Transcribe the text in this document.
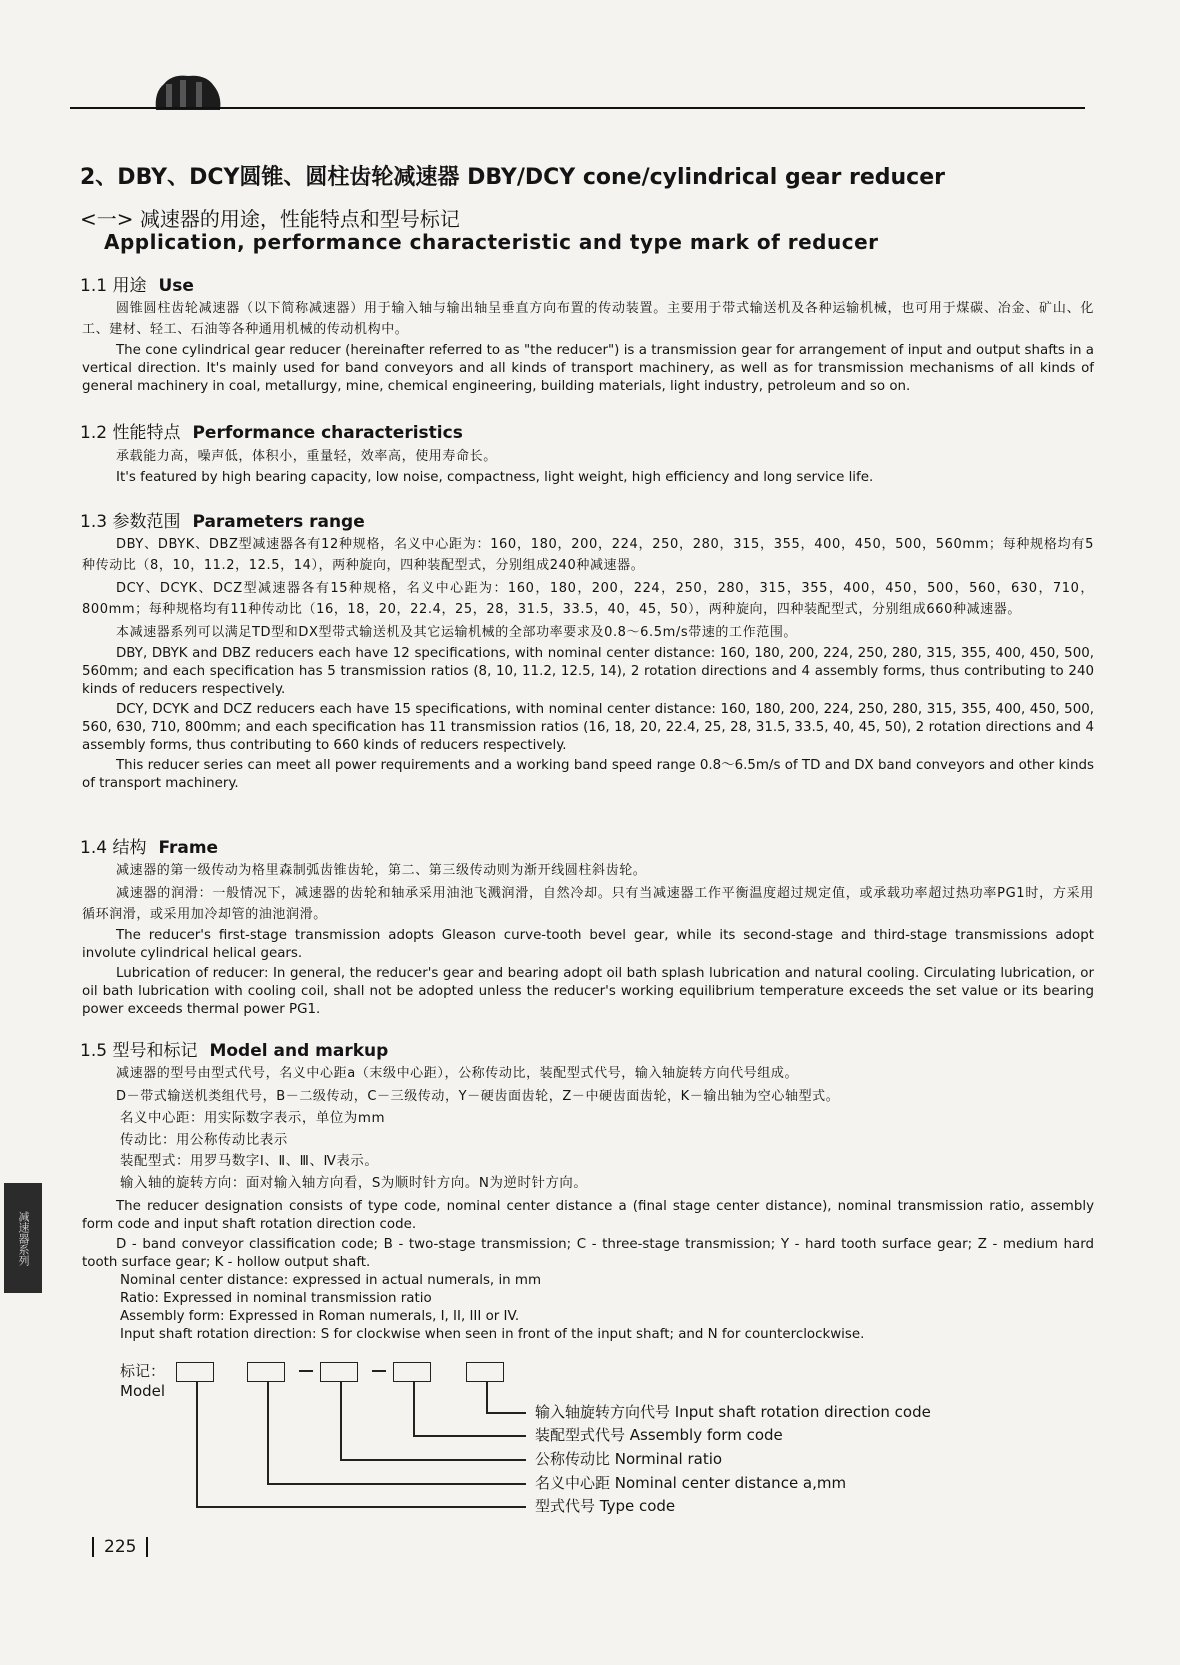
减速器系列
2、DBY、DCY圆锥、圆柱齿轮减速器 DBY/DCY cone/cylindrical gear reducer
<一> 减速器的用途，性能特点和型号标记
Application, performance characteristic and type mark of reducer
1.1 用途 Use

圆锥圆柱齿轮减速器（以下简称减速器）用于输入轴与输出轴呈垂直方向布置的传动装置。主要用于带式输送机及各种运输机械，也可用于煤碳、冶金、矿山、化工、建材、轻工、石油等各种通用机械的传动机构中。

The cone cylindrical gear reducer (hereinafter referred to as "the reducer") is a transmission gear for arrangement of input and output shafts in a vertical direction. It's mainly used for band conveyors and all kinds of transport machinery, as well as for transmission mechanisms of all kinds of general machinery in coal, metallurgy, mine, chemical engineering, building materials, light industry, petroleum and so on.

1.2 性能特点 Performance characteristics

承载能力高，噪声低，体积小，重量轻，效率高，使用寿命长。

It's featured by high bearing capacity, low noise, compactness, light weight, high efficiency and long service life.

1.3 参数范围 Parameters range

DBY、DBYK、DBZ型减速器各有12种规格，名义中心距为：160，180，200，224，250，280，315，355，400，450，500，560mm；每种规格均有5种传动比（8，10，11.2，12.5，14），两种旋向，四种装配型式，分别组成240种减速器。

DCY、DCYK、DCZ型减速器各有15种规格，名义中心距为：160，180，200，224，250，280，315，355，400，450，500，560，630，710，800mm；每种规格均有11种传动比（16，18，20，22.4，25，28，31.5，33.5，40，45，50），两种旋向，四种装配型式，分别组成660种减速器。

本减速器系列可以满足TD型和DX型带式输送机及其它运输机械的全部功率要求及0.8～6.5m/s带速的工作范围。

DBY, DBYK and DBZ reducers each have 12 specifications, with nominal center distance: 160, 180, 200, 224, 250, 280, 315, 355, 400, 450, 500, 560mm; and each specification has 5 transmission ratios (8, 10, 11.2, 12.5, 14), 2 rotation directions and 4 assembly forms, thus contributing to 240 kinds of reducers respectively.

DCY, DCYK and DCZ reducers each have 15 specifications, with nominal center distance: 160, 180, 200, 224, 250, 280, 315, 355, 400, 450, 500, 560, 630, 710, 800mm; and each specification has 11 transmission ratios (16, 18, 20, 22.4, 25, 28, 31.5, 33.5, 40, 45, 50), 2 rotation directions and 4 assembly forms, thus contributing to 660 kinds of reducers respectively.

This reducer series can meet all power requirements and a working band speed range 0.8～6.5m/s of TD and DX band conveyors and other kinds of transport machinery.

1.4 结构 Frame

减速器的第一级传动为格里森制弧齿锥齿轮，第二、第三级传动则为渐开线圆柱斜齿轮。

减速器的润滑：一般情况下，减速器的齿轮和轴承采用油池飞溅润滑，自然冷却。只有当减速器工作平衡温度超过规定值，或承载功率超过热功率PG1时，方采用循环润滑，或采用加冷却管的油池润滑。

The reducer's first-stage transmission adopts Gleason curve-tooth bevel gear, while its second-stage and third-stage transmissions adopt involute cylindrical helical gears.

Lubrication of reducer: In general, the reducer's gear and bearing adopt oil bath splash lubrication and natural cooling. Circulating lubrication, or oil bath lubrication with cooling coil, shall not be adopted unless the reducer's working equilibrium temperature exceeds the set value or its bearing power exceeds thermal power PG1.

1.5 型号和标记 Model and markup

减速器的型号由型式代号，名义中心距a（末级中心距），公称传动比，装配型式代号，输入轴旋转方向代号组成。

D－带式输送机类组代号，B－二级传动，C－三级传动，Y－硬齿面齿轮，Z－中硬齿面齿轮，K－输出轴为空心轴型式。

名义中心距：用实际数字表示，单位为mm
传动比：用公称传动比表示
装配型式：用罗马数字Ⅰ、Ⅱ、Ⅲ、Ⅳ表示。
输入轴的旋转方向：面对输入轴方向看，S为顺时针方向。N为逆时针方向。

The reducer designation consists of type code, nominal center distance a (final stage center distance), nominal transmission ratio, assembly form code and input shaft rotation direction code.

D - band conveyor classification code; B - two-stage transmission; C - three-stage transmission; Y - hard tooth surface gear; Z - medium hard tooth surface gear; K - hollow output shaft.

Nominal center distance: expressed in actual numerals, in mm
Ratio: Expressed in nominal transmission ratio
Assembly form: Expressed in Roman numerals, I, II, III or IV.
Input shaft rotation direction: S for clockwise when seen in front of the input shaft; and N for counterclockwise.
标记：
Model
输入轴旋转方向代号 Input shaft rotation direction code
装配型式代号 Assembly form code
公称传动比 Norminal ratio
名义中心距 Nominal center distance a,mm
型式代号 Type code
225
